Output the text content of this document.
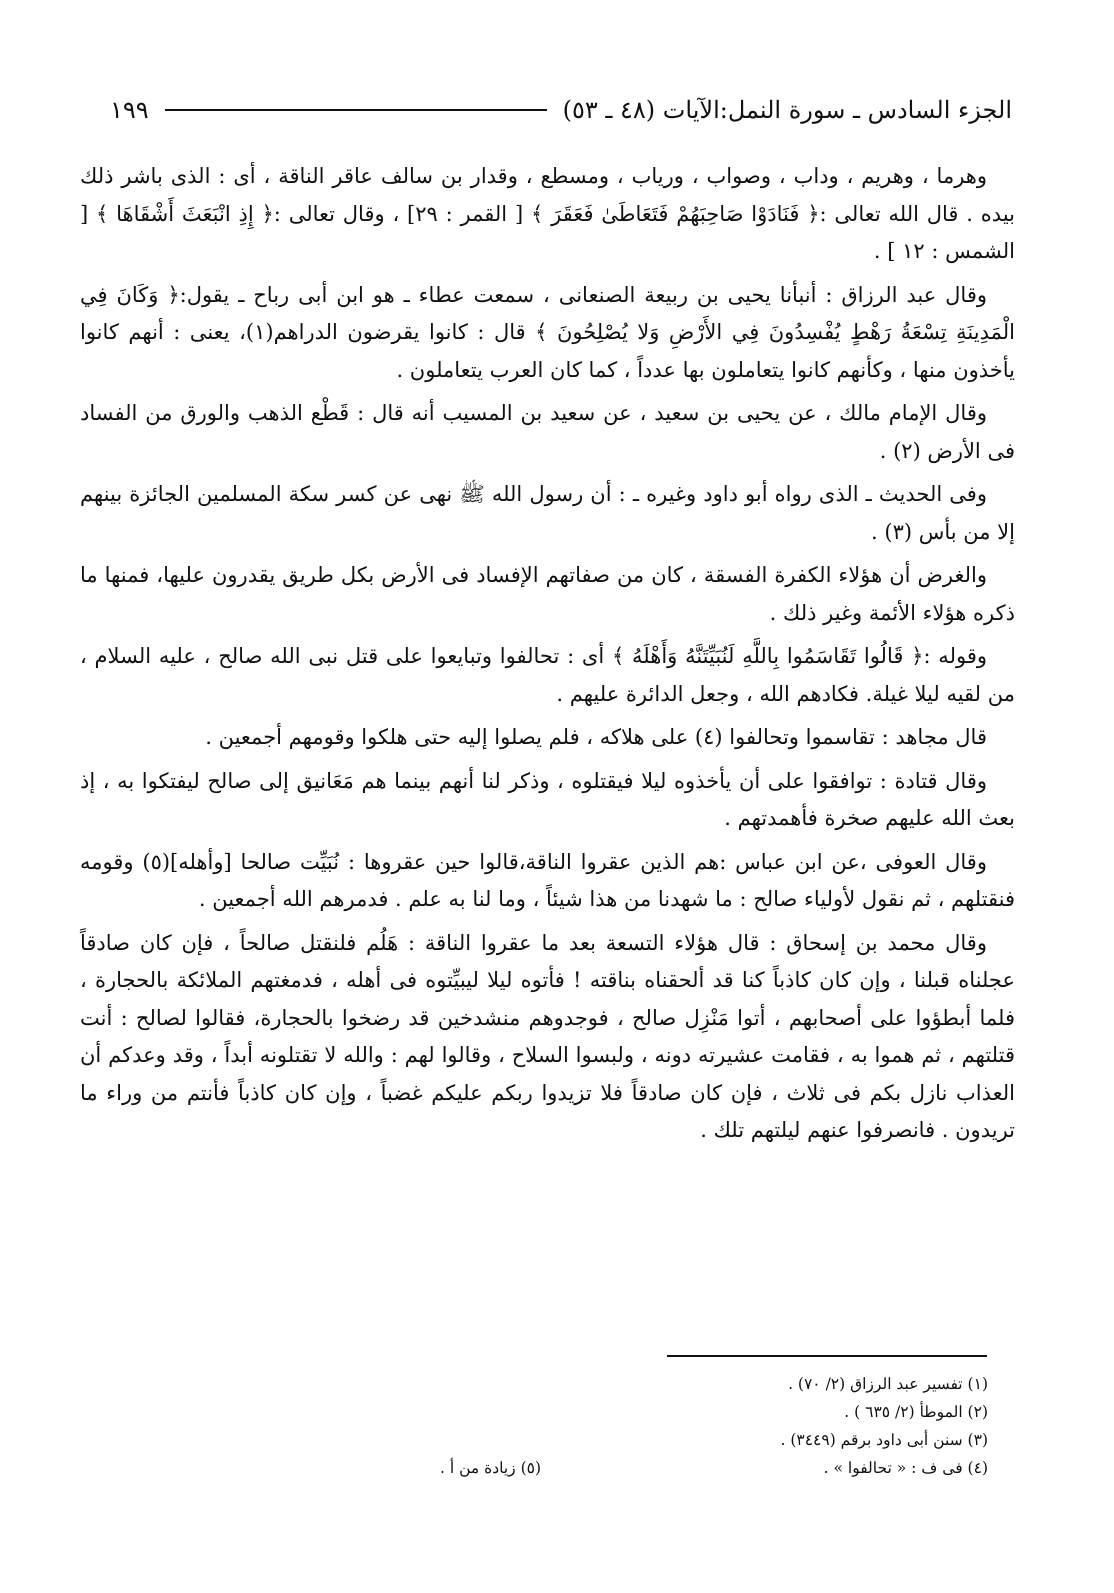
الجزء السادس ـ سورة النمل:الآيات (٤٨ ـ ٥٣)
١٩٩

وهرما ، وهريم ، وداب ، وصواب ، ورياب ، ومسطع ، وقدار بن سالف عاقر الناقة ، أى : الذى باشر ذلك بيده . قال الله تعالى :﴿ فَنَادَوْا صَاحِبَهُمْ فَتَعَاطَىٰ فَعَقَرَ ﴾ [ القمر : ٢٩] ، وقال تعالى :﴿ إِذِ انْبَعَثَ أَشْقَاهَا ﴾ [ الشمس : ١٢ ] .

وقال عبد الرزاق : أنبأنا يحيى بن ربيعة الصنعانى ، سمعت عطاء ـ هو ابن أبى رباح ـ يقول:﴿ وَكَانَ فِي الْمَدِينَةِ تِسْعَةُ رَهْطٍ يُفْسِدُونَ فِي الأَرْضِ وَلا يُصْلِحُونَ ﴾ قال : كانوا يقرضون الدراهم(١)، يعنى : أنهم كانوا يأخذون منها ، وكأنهم كانوا يتعاملون بها عدداً ، كما كان العرب يتعاملون .

وقال الإمام مالك ، عن يحيى بن سعيد ، عن سعيد بن المسيب أنه قال : قَطْع الذهب والورق من الفساد فى الأرض (٢) .

وفى الحديث ـ الذى رواه أبو داود وغيره ـ : أن رسول الله ﷺ نهى عن كسر سكة المسلمين الجائزة بينهم إلا من بأس (٣) .

والغرض أن هؤلاء الكفرة الفسقة ، كان من صفاتهم الإفساد فى الأرض بكل طريق يقدرون عليها، فمنها ما ذكره هؤلاء الأئمة وغير ذلك .

وقوله :﴿ قَالُوا تَقَاسَمُوا بِاللَّهِ لَنُبَيِّتَنَّهُ وَأَهْلَهُ ﴾ أى : تحالفوا وتبايعوا على قتل نبى الله صالح ، عليه السلام ، من لقيه ليلا غيلة. فكادهم الله ، وجعل الدائرة عليهم .

قال مجاهد : تقاسموا وتحالفوا (٤) على هلاكه ، فلم يصلوا إليه حتى هلكوا وقومهم أجمعين .

وقال قتادة : توافقوا على أن يأخذوه ليلا فيقتلوه ، وذكر لنا أنهم بينما هم مَعَانيق إلى صالح ليفتكوا به ، إذ بعث الله عليهم صخرة فأهمدتهم .

وقال العوفى ،عن ابن عباس :هم الذين عقروا الناقة،قالوا حين عقروها : نُبَيِّت صالحا [وأهله](٥) وقومه فنقتلهم ، ثم نقول لأولياء صالح : ما شهدنا من هذا شيئاً ، وما لنا به علم . فدمرهم الله أجمعين .

وقال محمد بن إسحاق : قال هؤلاء التسعة بعد ما عقروا الناقة : هَلُم فلنقتل صالحاً ، فإن كان صادقاً عجلناه قبلنا ، وإن كان كاذباً كنا قد ألحقناه بناقته ! فأتوه ليلا ليبيِّتوه فى أهله ، فدمغتهم الملائكة بالحجارة ، فلما أبطؤوا على أصحابهم ، أتوا مَنْزِل صالح ، فوجدوهم منشدخين قد رضخوا بالحجارة، فقالوا لصالح : أنت قتلتهم ، ثم هموا به ، فقامت عشيرته دونه ، ولبسوا السلاح ، وقالوا لهم : والله لا تقتلونه أبداً ، وقد وعدكم أن العذاب نازل بكم فى ثلاث ، فإن كان صادقاً فلا تزيدوا ربكم عليكم غضباً ، وإن كان كاذباً فأنتم من وراء ما تريدون . فانصرفوا عنهم ليلتهم تلك .

(١) تفسير عبد الرزاق (٢/ ٧٠) .

(٢) الموطأ (٢/ ٦٣٥ ) .

(٣) سنن أبى داود برقم (٣٤٤٩) .

(٤) فى ف : « تحالفوا » .

(٥) زيادة من أ .
